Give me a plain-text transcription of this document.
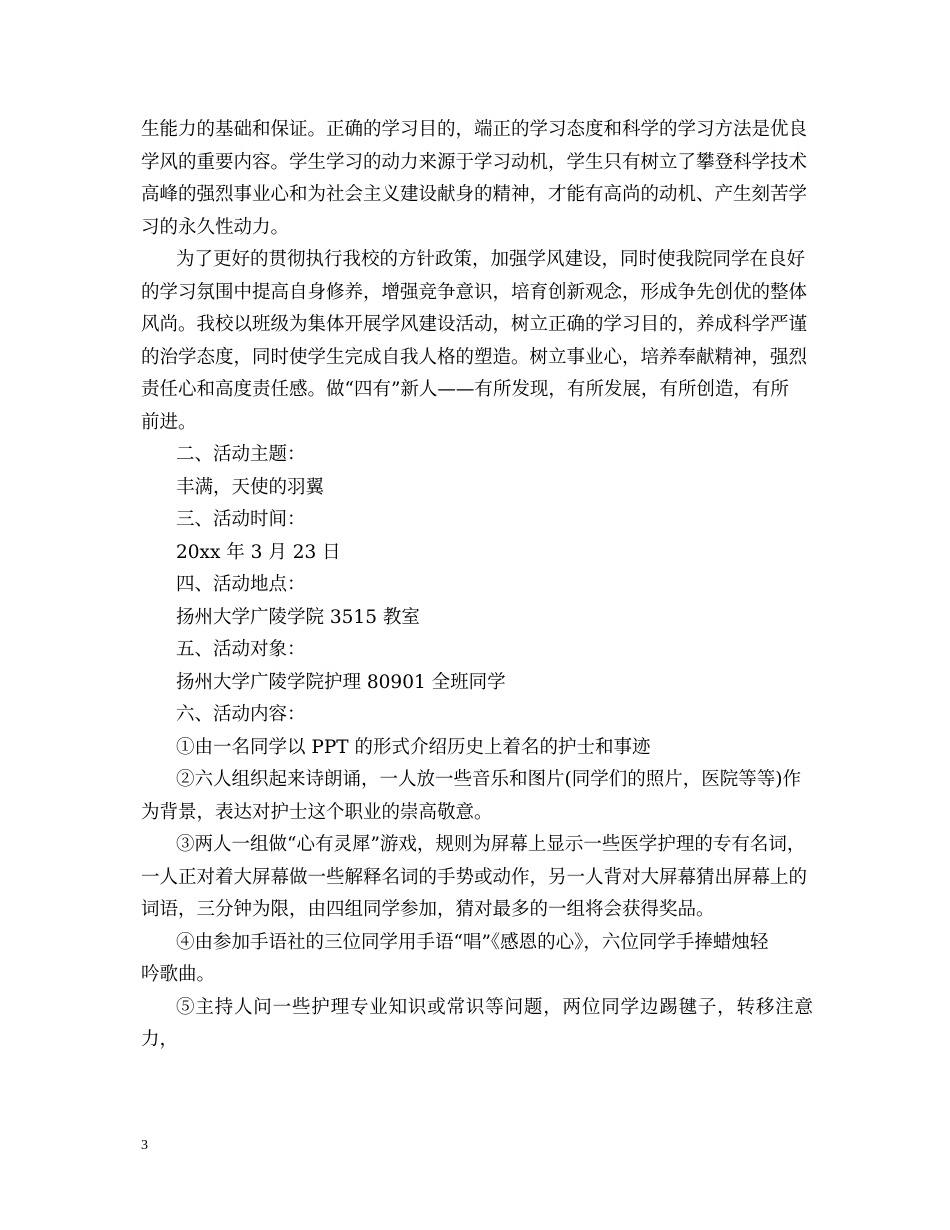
生能力的基础和保证。正确的学习目的，端正的学习态度和科学的学习方法是优良
学风的重要内容。学生学习的动力来源于学习动机，学生只有树立了攀登科学技术
高峰的强烈事业心和为社会主义建设献身的精神，才能有高尚的动机、产生刻苦学
习的永久性动力。

为了更好的贯彻执行我校的方针政策，加强学风建设，同时使我院同学在良好
的学习氛围中提高自身修养，增强竞争意识，培育创新观念，形成争先创优的整体
风尚。我校以班级为集体开展学风建设活动，树立正确的学习目的，养成科学严谨
的治学态度，同时使学生完成自我人格的塑造。树立事业心，培养奉献精神，强烈
责任心和高度责任感。做“四有”新人——有所发现，有所发展，有所创造，有所
前进。

二、活动主题：

丰满，天使的羽翼

三、活动时间：

20xx 年 3 月 23 日

四、活动地点：

扬州大学广陵学院 3515 教室

五、活动对象：

扬州大学广陵学院护理 80901 全班同学

六、活动内容：

①由一名同学以 PPT 的形式介绍历史上着名的护士和事迹

②六人组织起来诗朗诵，一人放一些音乐和图片(同学们的照片，医院等等)作
为背景，表达对护士这个职业的崇高敬意。

③两人一组做“心有灵犀”游戏，规则为屏幕上显示一些医学护理的专有名词，
一人正对着大屏幕做一些解释名词的手势或动作，另一人背对大屏幕猜出屏幕上的
词语，三分钟为限，由四组同学参加，猜对最多的一组将会获得奖品。

④由参加手语社的三位同学用手语“唱”《感恩的心》，六位同学手捧蜡烛轻
吟歌曲。

⑤主持人问一些护理专业知识或常识等问题，两位同学边踢毽子，转移注意力，

3
